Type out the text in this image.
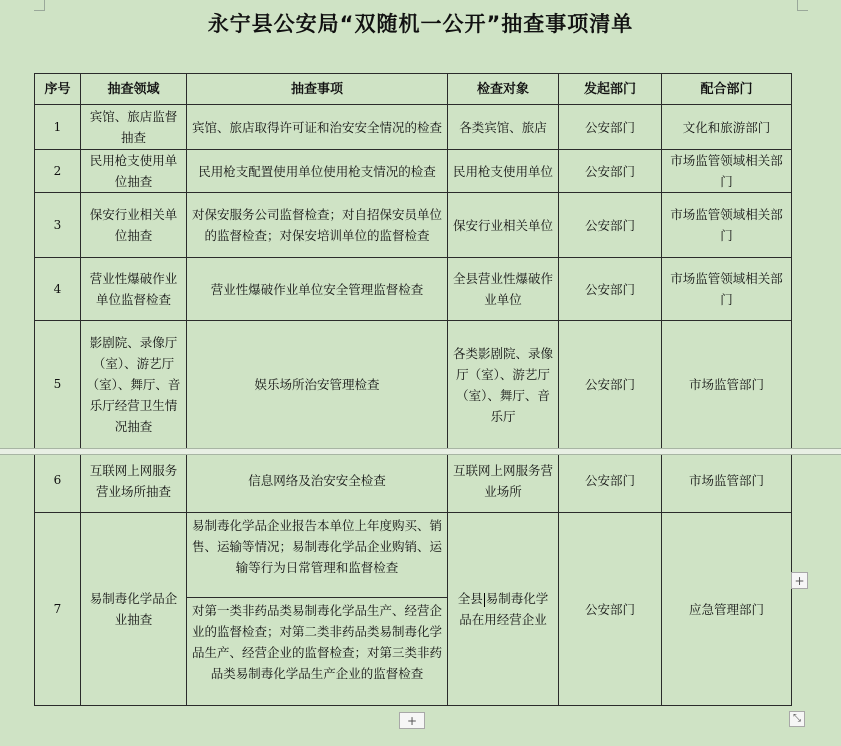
永宁县公安局“双随机一公开”抽查事项清单
序号	抽查领域	抽查事项	检查对象	发起部门	配合部门
1	宾馆、旅店监督抽查	宾馆、旅店取得许可证和治安安全情况的检查	各类宾馆、旅店	公安部门	文化和旅游部门
2	民用枪支使用单位抽查	民用枪支配置使用单位使用枪支情况的检查	民用枪支使用单位	公安部门	市场监管领域相关部门
3	保安行业相关单位抽查	对保安服务公司监督检查；对自招保安员单位的监督检查；对保安培训单位的监督检查	保安行业相关单位	公安部门	市场监管领域相关部门
4	营业性爆破作业单位监督检查	营业性爆破作业单位安全管理监督检查	全县营业性爆破作业单位	公安部门	市场监管领域相关部门
5	影剧院、录像厅（室）、游艺厅（室）、舞厅、音乐厅经营卫生情况抽查	娱乐场所治安管理检查	各类影剧院、录像厅（室）、游艺厅（室）、舞厅、音乐厅	公安部门	市场监管部门
6	互联网上网服务营业场所抽查	信息网络及治安安全检查	互联网上网服务营业场所	公安部门	市场监管部门
7	易制毒化学品企业抽查	易制毒化学品企业报告本单位上年度购买、销售、运输等情况；易制毒化学品企业购销、运输等行为日常管理和监督检查
对第一类非药品类易制毒化学品生产、经营企业的监督检查；对第二类非药品类易制毒化学品生产、经营企业的监督检查；对第三类非药品类易制毒化学品生产企业的监督检查	全县 易制毒化学品在用经营企业	公安部门	应急管理部门
+
+	⤡
